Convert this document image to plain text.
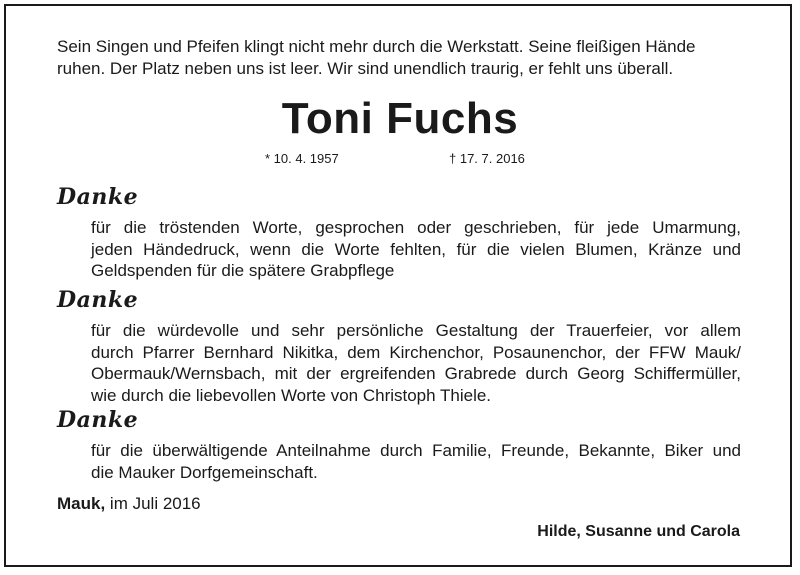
Sein Singen und Pfeifen klingt nicht mehr durch die Werkstatt. Seine fleißigen Hände
ruhen. Der Platz neben uns ist leer. Wir sind unendlich traurig, er fehlt uns überall.
Toni Fuchs
* 10. 4. 1957	† 17. 7. 2016
Danke
für die tröstenden Worte, gesprochen oder geschrieben, für jede Umarmung,
jeden Händedruck, wenn die Worte fehlten, für die vielen Blumen, Kränze und
Geldspenden für die spätere Grabpflege
Danke
für die würdevolle und sehr persönliche Gestaltung der Trauerfeier, vor allem
durch Pfarrer Bernhard Nikitka, dem Kirchenchor, Posaunenchor, der FFW Mauk/
Obermauk/Wernsbach, mit der ergreifenden Grabrede durch Georg Schiffermüller,
wie durch die liebevollen Worte von Christoph Thiele.
Danke
für die überwältigende Anteilnahme durch Familie, Freunde, Bekannte, Biker und
die Mauker Dorfgemeinschaft.
Mauk, im Juli 2016
Hilde, Susanne und Carola
